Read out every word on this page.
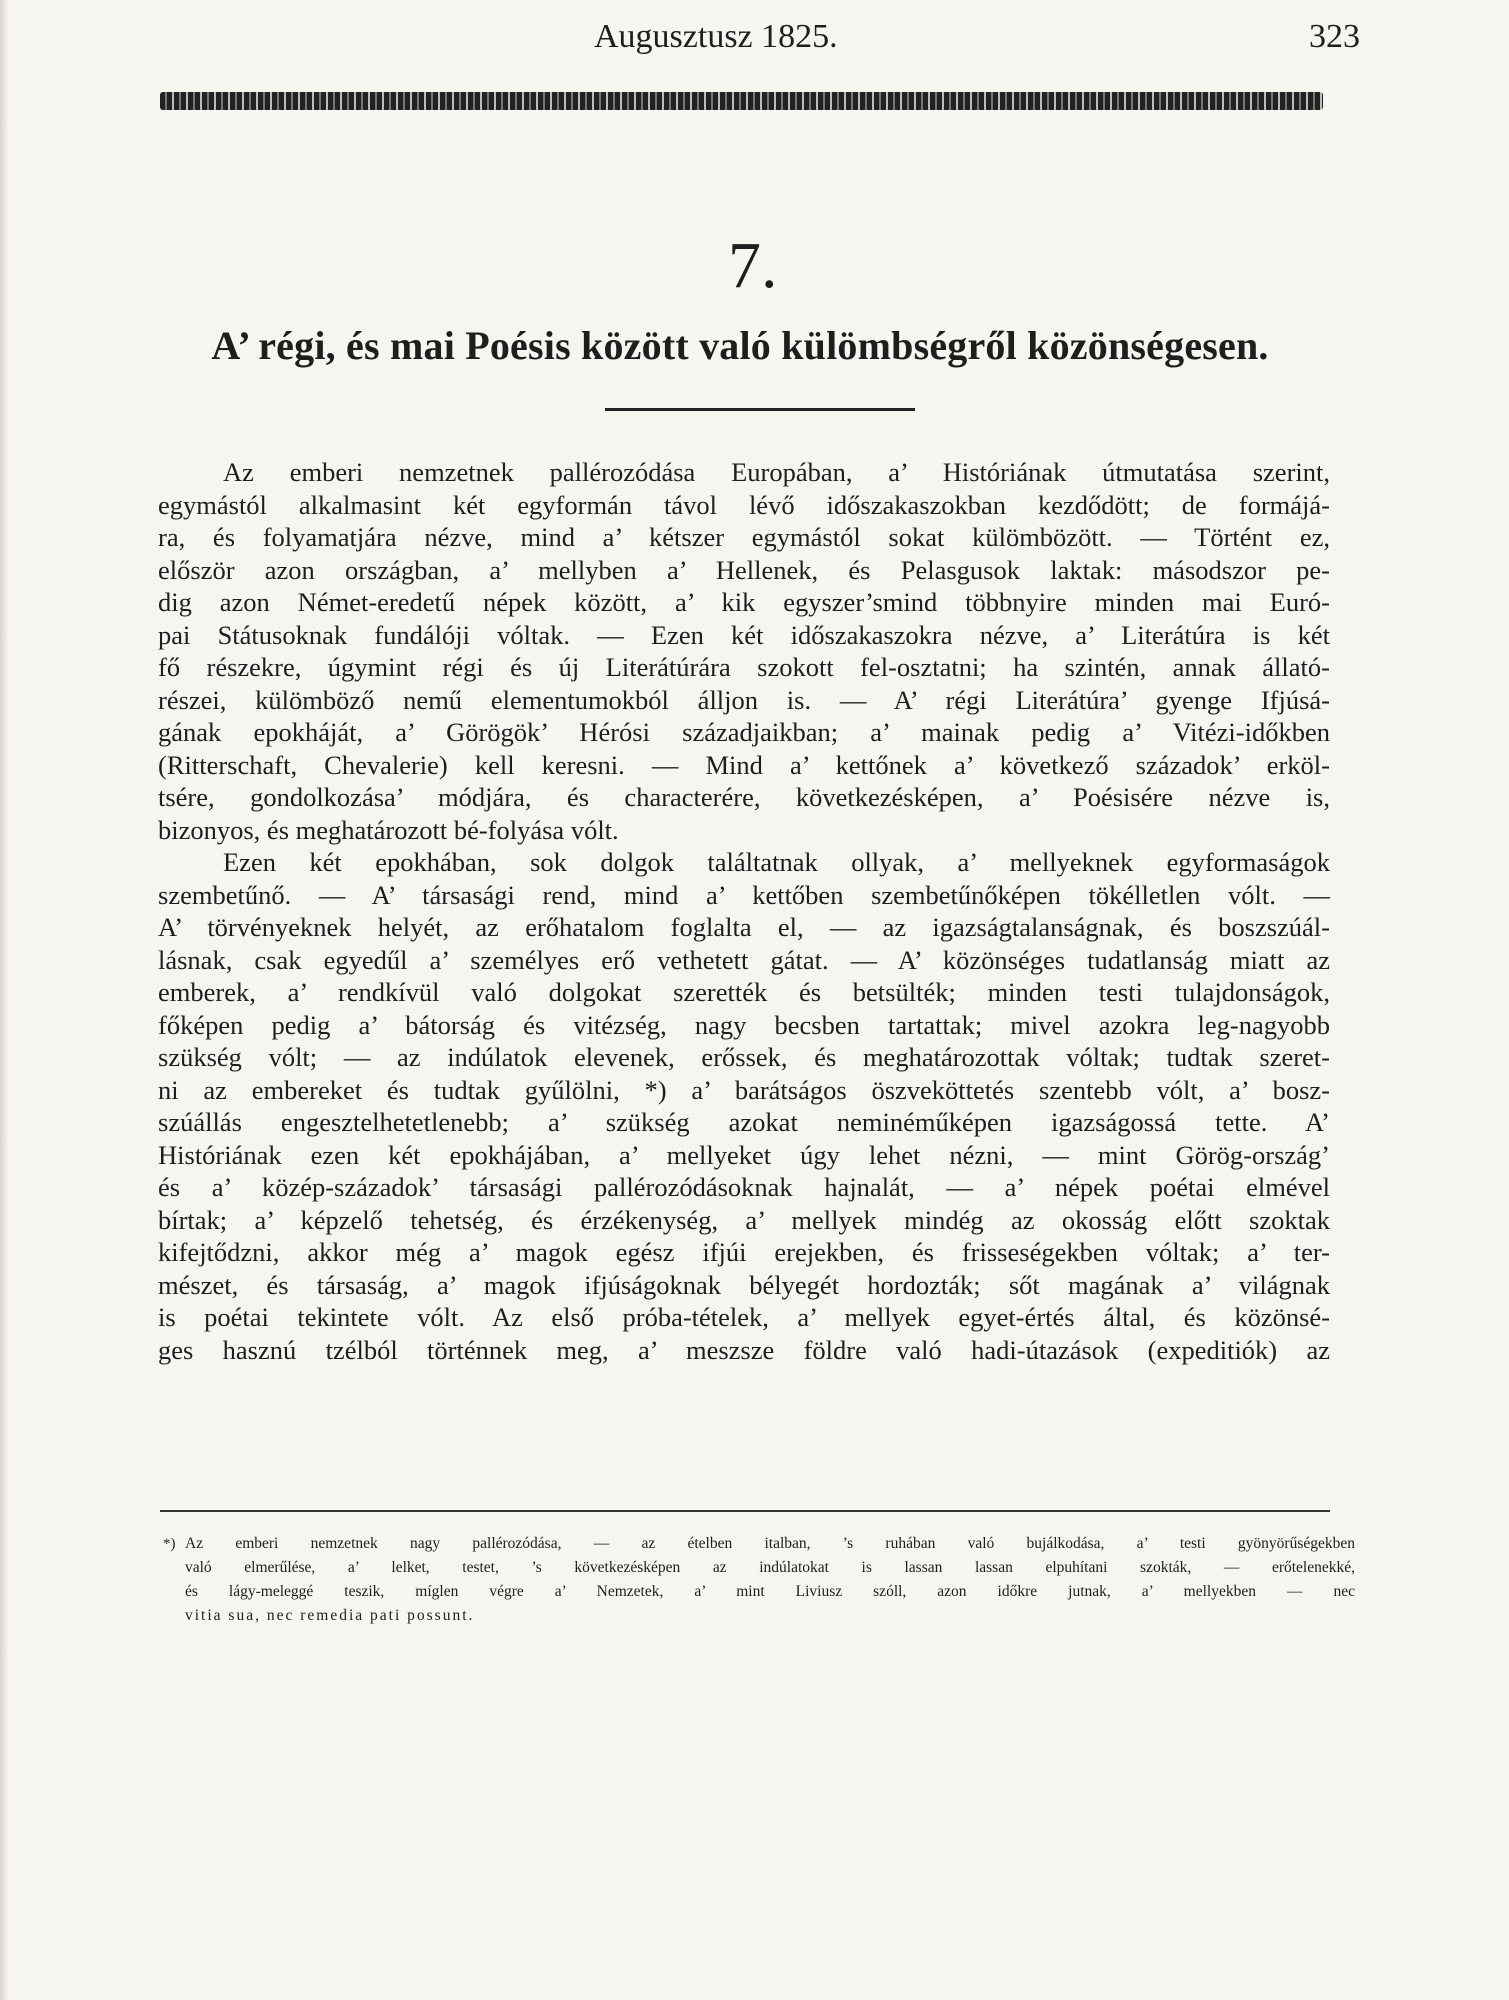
Augusztusz 1825.	323
7.
A’ régi, és mai Poésis között való külömbségről közönségesen.
Az emberi nemzetnek pallérozódása Europában, a’ Históriának útmutatása szerint,
egymástól alkalmasint két egyformán távol lévő időszakaszokban kezdődött; de formájá-
ra, és folyamatjára nézve, mind a’ kétszer egymástól sokat külömbözött. — Történt ez,
először azon országban, a’ mellyben a’ Hellenek, és Pelasgusok laktak: másodszor pe-
dig azon Német-eredetű népek között, a’ kik egyszer’smind többnyire minden mai Euró-
pai Státusoknak fundálóji vóltak. — Ezen két időszakaszokra nézve, a’ Literátúra is két
fő részekre, úgymint régi és új Literátúrára szokott fel-osztatni; ha szintén, annak állató-
részei, külömböző nemű elementumokból álljon is. — A’ régi Literátúra’ gyenge Ifjúsá-
gának epokháját, a’ Görögök’ Hérósi századjaikban; a’ mainak pedig a’ Vitézi-időkben
(Ritterschaft, Chevalerie) kell keresni. — Mind a’ kettőnek a’ következő századok’ erköl-
tsére, gondolkozása’ módjára, és characterére, következésképen, a’ Poésisére nézve is,
bizonyos, és meghatározott bé-folyása vólt.
Ezen két epokhában, sok dolgok találtatnak ollyak, a’ mellyeknek egyformaságok
szembetűnő. — A’ társasági rend, mind a’ kettőben szembetűnőképen tökélletlen vólt. —
A’ törvényeknek helyét, az erőhatalom foglalta el, — az igazságtalanságnak, és boszszúál-
lásnak, csak egyedűl a’ személyes erő vethetett gátat. — A’ közönséges tudatlanság miatt az
emberek, a’ rendkívül való dolgokat szerették és betsülték; minden testi tulajdonságok,
főképen pedig a’ bátorság és vitézség, nagy becsben tartattak; mivel azokra leg-nagyobb
szükség vólt; — az indúlatok elevenek, erőssek, és meghatározottak vóltak; tudtak szeret-
ni az embereket és tudtak gyűlölni, *) a’ barátságos öszveköttetés szentebb vólt, a’ bosz-
szúállás engesztelhetetlenebb; a’ szükség azokat neminéműképen igazságossá tette. A’
Históriának ezen két epokhájában, a’ mellyeket úgy lehet nézni, — mint Görög-ország’
és a’ közép-századok’ társasági pallérozódásoknak hajnalát, — a’ népek poétai elmével
bírtak; a’ képzelő tehetség, és érzékenység, a’ mellyek mindég az okosság előtt szoktak
kifejtődzni, akkor még a’ magok egész ifjúi erejekben, és frisseségekben vóltak; a’ ter-
mészet, és társaság, a’ magok ifjúságoknak bélyegét hordozták; sőt magának a’ világnak
is poétai tekintete vólt. Az első próba-tételek, a’ mellyek egyet-értés által, és közönsé-
ges hasznú tzélból történnek meg, a’ meszsze földre való hadi-útazások (expeditiók) az
*) Az emberi nemzetnek nagy pallérozódása, — az ételben italban, ’s ruhában való bujálkodása, a’ testi gyönyörűségekben
való elmerűlése, a’ lelket, testet, ’s következésképen az indúlatokat is lassan lassan elpuhítani szokták, — erőtelenekké,
és lágy-meleggé teszik, míglen végre a’ Nemzetek, a’ mint Liviusz szóll, azon időkre jutnak, a’ mellyekben — nec
vitia sua, nec remedia pati possunt.
